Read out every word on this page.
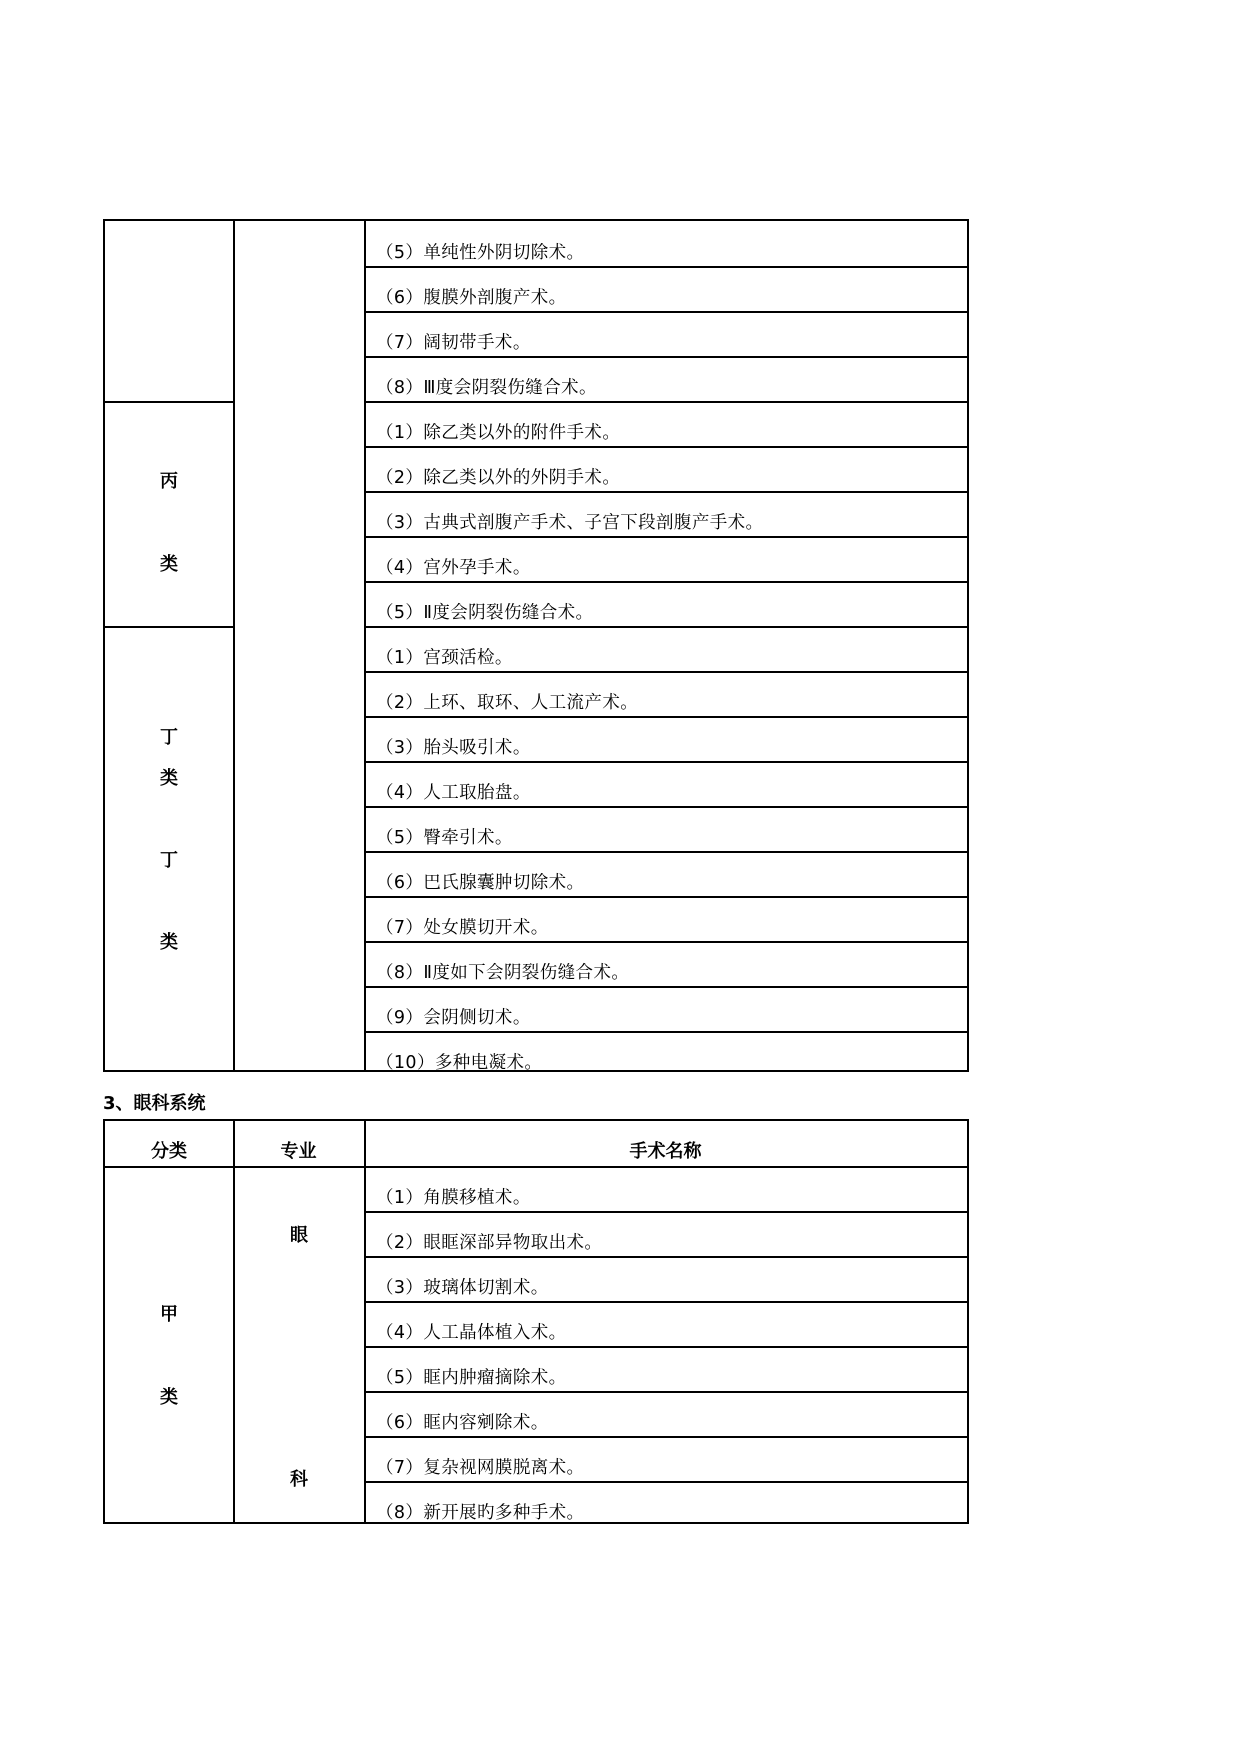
丙
类
丁
类
丁
类
（5）单纯性外阴切除术。
（6）腹膜外剖腹产术。
（7）阔韧带手术。
（8）Ⅲ度会阴裂伤缝合术。
（1）除乙类以外的附件手术。
（2）除乙类以外的外阴手术。
（3）古典式剖腹产手术、子宫下段剖腹产手术。
（4）宫外孕手术。
（5）Ⅱ度会阴裂伤缝合术。
（1）宫颈活检。
（2）上环、取环、人工流产术。
（3）胎头吸引术。
（4）人工取胎盘。
（5）臀牵引术。
（6）巴氏腺囊肿切除术。
（7）处女膜切开术。
（8）Ⅱ度如下会阴裂伤缝合术。
（9）会阴侧切术。
（10）多种电凝术。
3、眼科系统
分类	专业	手术名称
甲
类
眼
科
（1）角膜移植术。
（2）眼眶深部异物取出术。
（3）玻璃体切割术。
（4）人工晶体植入术。
（5）眶内肿瘤摘除术。
（6）眶内容剜除术。
（7）复杂视网膜脱离术。
（8）新开展旳多种手术。
